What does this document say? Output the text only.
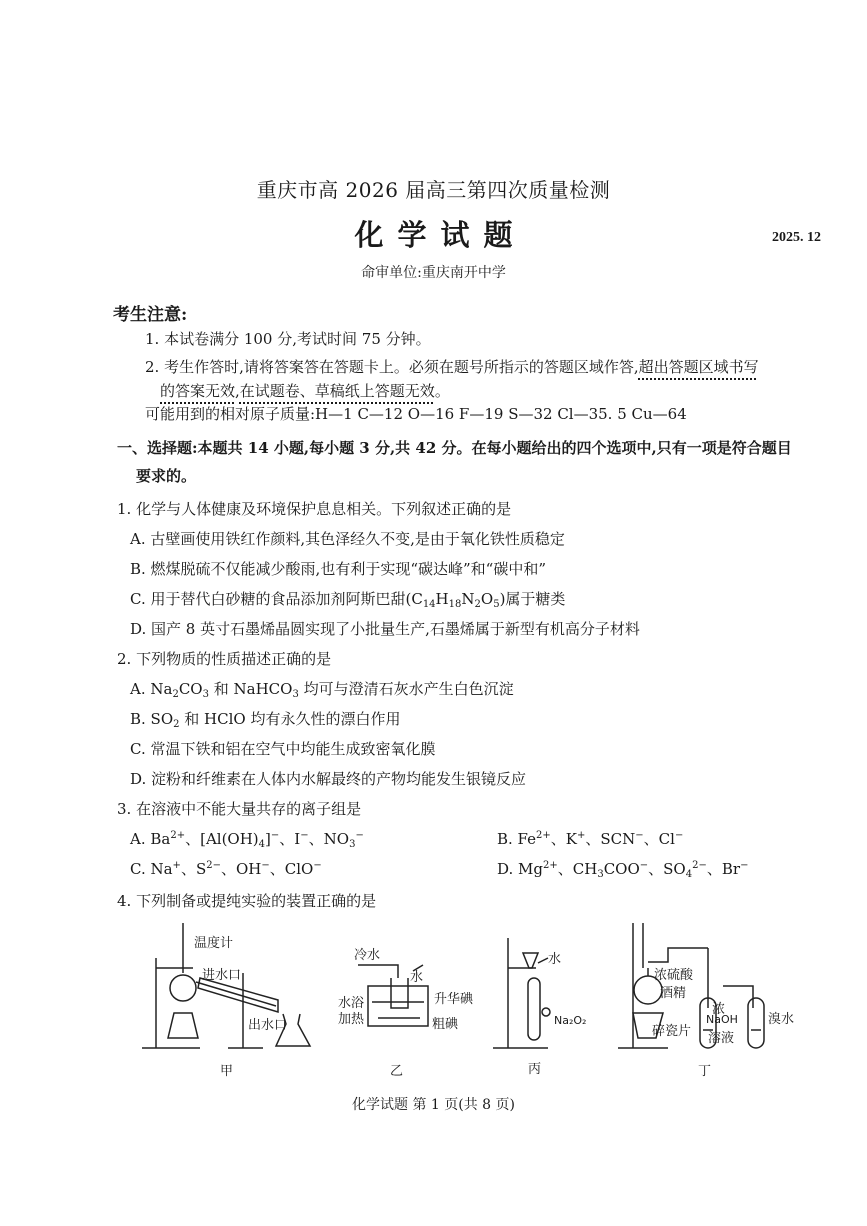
重庆市高 2026 届高三第四次质量检测
化学试题	2025. 12
命审单位:重庆南开中学
考生注意:
1. 本试卷满分 100 分,考试时间 75 分钟。
2. 考生作答时,请将答案答在答题卡上。必须在题号所指示的答题区域作答,超出答题区域书写
的答案无效,在试题卷、草稿纸上答题无效。
可能用到的相对原子质量:H—1 C—12 O—16 F—19 S—32 Cl—35. 5 Cu—64
一、选择题:本题共 14 小题,每小题 3 分,共 42 分。在每小题给出的四个选项中,只有一项是符合题目
要求的。
1. 化学与人体健康及环境保护息息相关。下列叙述正确的是
A. 古壁画使用铁红作颜料,其色泽经久不变,是由于氧化铁性质稳定
B. 燃煤脱硫不仅能减少酸雨,也有利于实现“碳达峰”和“碳中和”
C. 用于替代白砂糖的食品添加剂阿斯巴甜$(C_{14}H_{18}N_2O_5)$属于糖类
D. 国产 8 英寸石墨烯晶圆实现了小批量生产,石墨烯属于新型有机高分子材料
2. 下列物质的性质描述正确的是
A. $Na_2CO_3$ 和 NaHCO$_3$ 均可与澄清石灰水产生白色沉淀
B. $SO_2$ 和 HClO 均有永久性的漂白作用
C. 常温下铁和铝在空气中均能生成致密氧化膜
D. 淀粉和纤维素在人体内水解最终的产物均能发生银镜反应
3. 在溶液中不能大量共存的离子组是
A. $Ba^{2+}$、$[Al(OH)_4]^-$、I−、$NO_3^-$	B. $Fe^{2+}$、K+、SCN−、Cl−
C. Na+、$S^{2-}$、OH−、ClO−	D. $Mg^{2+}$、$CH_3COO^-$、$SO_4^{2-}$、Br−
4. 下列制备或提纯实验的装置正确的是
温度计
进水口
出水口
冷水
水
水浴
加热
升华碘
粗碘
水
Na₂O₂
浓硫酸
酒精
碎瓷片
浓
NaOH
溶液
溴水
甲	乙	丙	丁
化学试题 第 1 页(共 8 页)
